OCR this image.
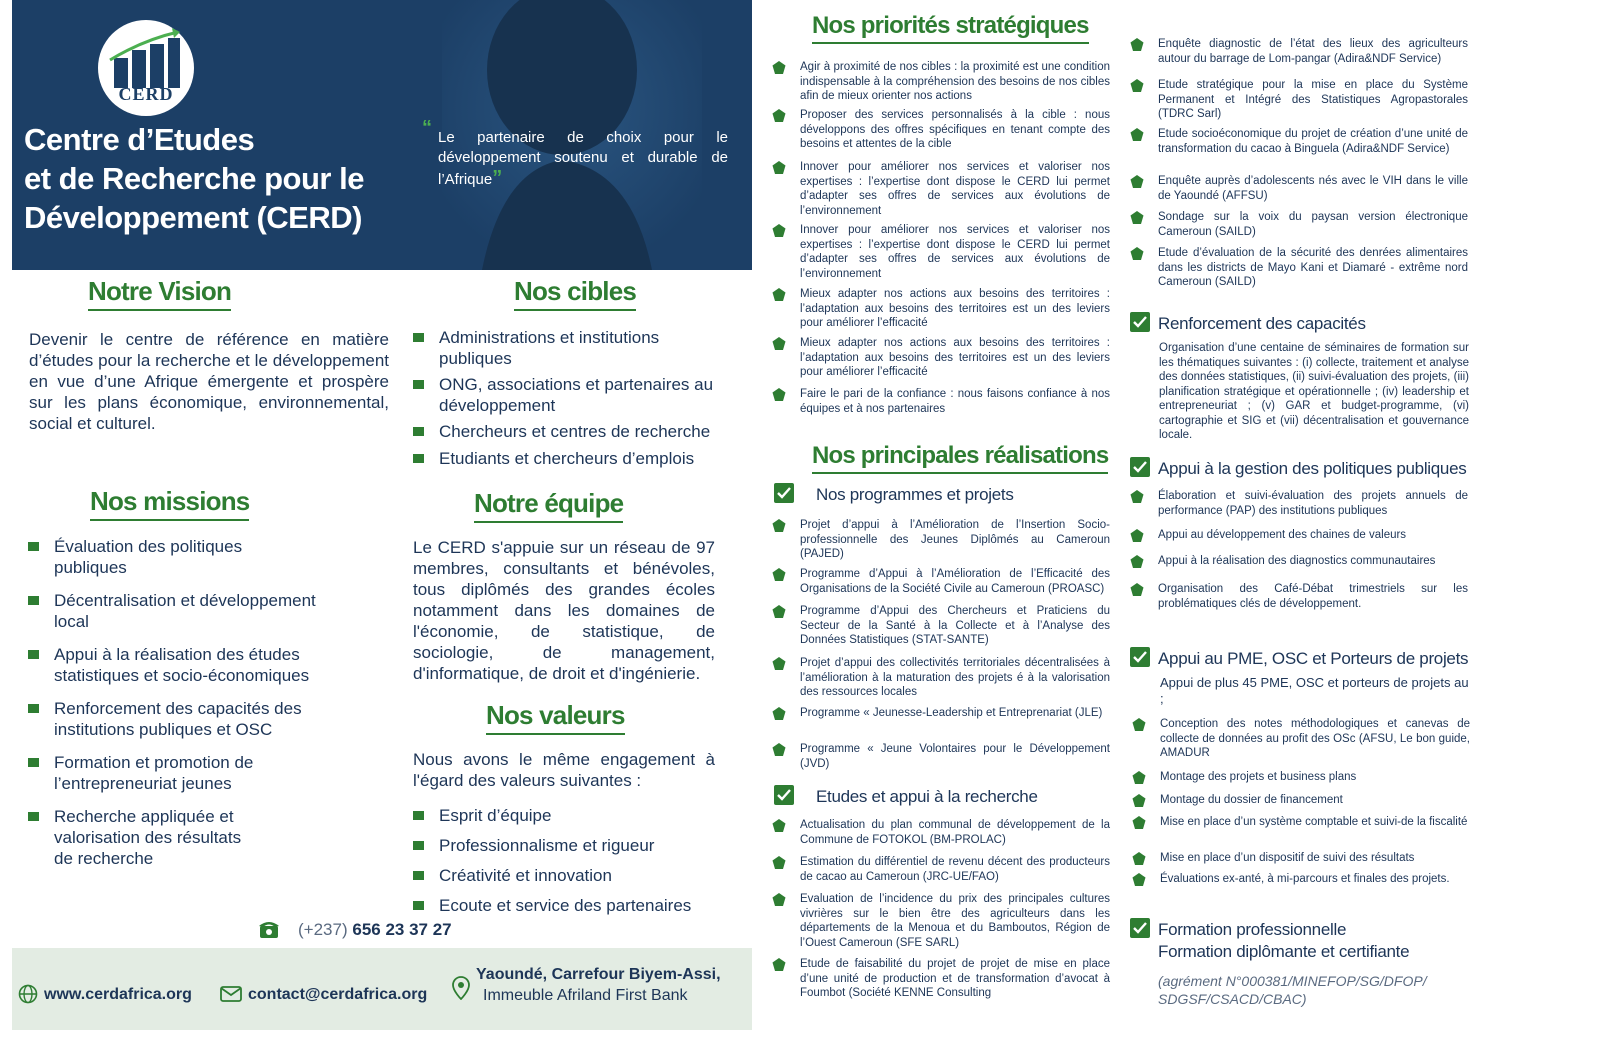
CERD
Centre d’Etudes
et de Recherche pour le
Développement (CERD)
“ Le partenaire de choix pour le développement soutenu et durable de l’Afrique”
Notre Vision
Devenir le centre de référence en matière d’études pour la recherche et le développement en vue d’une Afrique émergente et prospère sur les plans économique, environnemental, social et culturel.
Nos cibles
Administrations et institutions publiques
ONG, associations et partenaires au développement
Chercheurs et centres de recherche
Etudiants et chercheurs d’emplois
Nos missions
Évaluation des politiques publiques
Décentralisation et développement local
Appui à la réalisation des études statistiques et socio-économiques
Renforcement des capacités des institutions publiques et OSC
Formation et promotion de l’entrepreneuriat jeunes
Recherche appliquée et valorisation des résultats de recherche
Notre équipe
Le CERD s'appuie sur un réseau de 97 membres, consultants et bénévoles, tous diplômés des grandes écoles notamment dans les domaines de l'économie, de statistique, de sociologie, de management, d'informatique, de droit et d'ingénierie.
Nos valeurs
Nous avons le même engagement à l'égard des valeurs suivantes :
Esprit d’équipe
Professionnalisme et rigueur
Créativité et innovation
Ecoute et service des partenaires
(+237) 656 23 37 27
www.cerdafrica.org	contact@cerdafrica.org
Yaoundé, Carrefour Biyem-Assi,
Immeuble Afriland First Bank
Nos priorités stratégiques
Agir à proximité de nos cibles : la proximité est une condition indispensable à la compréhension des besoins de nos cibles afin de mieux orienter nos actions
Proposer des services personnalisés à la cible : nous développons des offres spécifiques en tenant compte des besoins et attentes de la cible
Innover pour améliorer nos services et valoriser nos expertises : l’expertise dont dispose le CERD lui permet d’adapter ses offres de services aux évolutions de l’environnement
Innover pour améliorer nos services et valoriser nos expertises : l’expertise dont dispose le CERD lui permet d’adapter ses offres de services aux évolutions de l’environnement
Mieux adapter nos actions aux besoins des territoires : l’adaptation aux besoins des territoires est un des leviers pour améliorer l’efficacité
Mieux adapter nos actions aux besoins des territoires : l’adaptation aux besoins des territoires est un des leviers pour améliorer l’efficacité
Faire le pari de la confiance : nous faisons confiance à nos équipes et à nos partenaires
Nos principales réalisations
Nos programmes et projets
Projet d’appui à l’Amélioration de l’Insertion Socio-professionnelle des Jeunes Diplômés au Cameroun (PAJED)
Programme d’Appui à l’Amélioration de l’Efficacité des Organisations de la Société Civile au Cameroun (PROASC)
Programme d’Appui des Chercheurs et Praticiens du Secteur de la Santé à la Collecte et à l’Analyse des Données Statistiques (STAT-SANTE)
Projet d’appui des collectivités territoriales décentralisées à l’amélioration à la maturation des projets é à la valorisation des ressources locales
Programme « Jeunesse-Leadership et Entreprenariat (JLE)
Programme « Jeune Volontaires pour le Développement (JVD)
Etudes et appui à la recherche
Actualisation du plan communal de développement de la Commune de FOTOKOL (BM-PROLAC)
Estimation du différentiel de revenu décent des producteurs de cacao au Cameroun (JRC-UE/FAO)
Evaluation de l’incidence du prix des principales cultures vivrières sur le bien être des agriculteurs dans les départements de la Menoua et du Bamboutos, Région de l’Ouest Cameroun (SFE SARL)
Etude de faisabilité du projet de projet de mise en place d’une unité de production et de transformation d’avocat à Foumbot (Société KENNE Consulting
Enquête diagnostic de l’état des lieux des agriculteurs autour du barrage de Lom-pangar (Adira&NDF Service)
Etude stratégique pour la mise en place du Système Permanent et Intégré des Statistiques Agropastorales (TDRC Sarl)
Etude socioéconomique du projet de création d’une unité de transformation du cacao à Binguela (Adira&NDF Service)
Enquête auprès d’adolescents nés avec le VIH dans le ville de Yaoundé (AFFSU)
Sondage sur la voix du paysan version électronique Cameroun (SAILD)
Etude d’évaluation de la sécurité des denrées alimentaires dans les districts de Mayo Kani et Diamaré - extrême nord Cameroun (SAILD)
Renforcement des capacités
Organisation d’une centaine de séminaires de formation sur les thématiques suivantes : (i) collecte, traitement et analyse des données statistiques, (ii) suivi-évaluation des projets, (iii) planification stratégique et opérationnelle ; (iv) leadership et entrepreneuriat ; (v) GAR et budget-programme, (vi) cartographie et SIG et (vii) décentralisation et gouvernance locale.
Appui à la gestion des politiques publiques
Élaboration et suivi-évaluation des projets annuels de performance (PAP) des institutions publiques
Appui au développement des chaines de valeurs
Appui à la réalisation des diagnostics communautaires
Organisation des Café-Débat trimestriels sur les problématiques clés de développement.
Appui au PME, OSC et Porteurs de projets
Appui de plus 45 PME, OSC et porteurs de projets au ;
Conception des notes méthodologiques et canevas de collecte de données au profit des OSc (AFSU, Le bon guide, AMADUR
Montage des projets et business plans
Montage du dossier de financement
Mise en place d’un système comptable et suivi-de la fiscalité
Mise en place d’un dispositif de suivi des résultats
Évaluations ex-anté, à mi-parcours et finales des projets.
Formation professionnelle
Formation diplômante et certifiante
(agrément N°000381/MINEFOP/SG/DFOP/
SDGSF/CSACD/CBAC)
